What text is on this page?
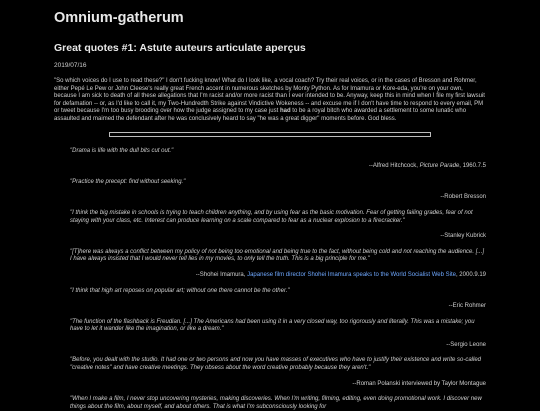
Omnium-gatherum
Great quotes #1: Astute auteurs articulate aperçus
2019/07/16

"So which voices do I use to read these?" I don't fucking know! What do I look like, a vocal coach? Try their real voices, or in the cases of Bresson and Rohmer, either Pepé Le Pew or John Cleese's really great French accent in numerous sketches by Monty Python. As for Imamura or Kore-eda, you're on your own, because I am sick to death of all these allegations that I'm racist and/or more racist than I ever intended to be. Anyway, keep this in mind when I file my first lawsuit for defamation -- or, as I'd like to call it, my Two-Hundredth Strike against Vindictive Wokeness -- and excuse me if I don't have time to respond to every email, PM or tweet because I'm too busy brooding over how the judge assigned to my case just had to be a royal bitch who awarded a settlement to some lunatic who assaulted and maimed the defendant after he was conclusively heard to say "he was a great digger" moments before. God bless.

"Drama is life with the dull bits cut out."
--Alfred Hitchcock, Picture Parade, 1960.7.5
"Practice the precept: find without seeking."
--Robert Bresson
"I think the big mistake in schools is trying to teach children anything, and by using fear as the basic motivation. Fear of getting failing grades, fear of not staying with your class, etc. Interest can produce learning on a scale compared to fear as a nuclear explosion to a firecracker."
--Stanley Kubrick
"[T]here was always a conflict between my policy of not being too emotional and being true to the fact, without being cold and not reaching the audience. [...] I have always insisted that I would never tell lies in my movies, to only tell the truth. This is a big principle for me."
--Shohei Imamura, Japanese film director Shohei Imamura speaks to the World Socialist Web Site, 2000.9.19
"I think that high art reposes on popular art; without one there cannot be the other."
--Eric Rohmer
"The function of the flashback is Freudian. [...] The Americans had been using it in a very closed way, too rigorously and literally. This was a mistake; you have to let it wander like the imagination, or like a dream."
--Sergio Leone
"Before, you dealt with the studio. It had one or two persons and now you have masses of executives who have to justify their existence and write so-called "creative notes" and have creative meetings. They obsess about the word creative probably because they aren't."
--Roman Polanski interviewed by Taylor Montague
"When I make a film, I never stop uncovering mysteries, making discoveries. When I'm writing, filming, editing, even doing promotional work. I discover new things about the film, about myself, and about others. That is what I'm subconsciously looking for
